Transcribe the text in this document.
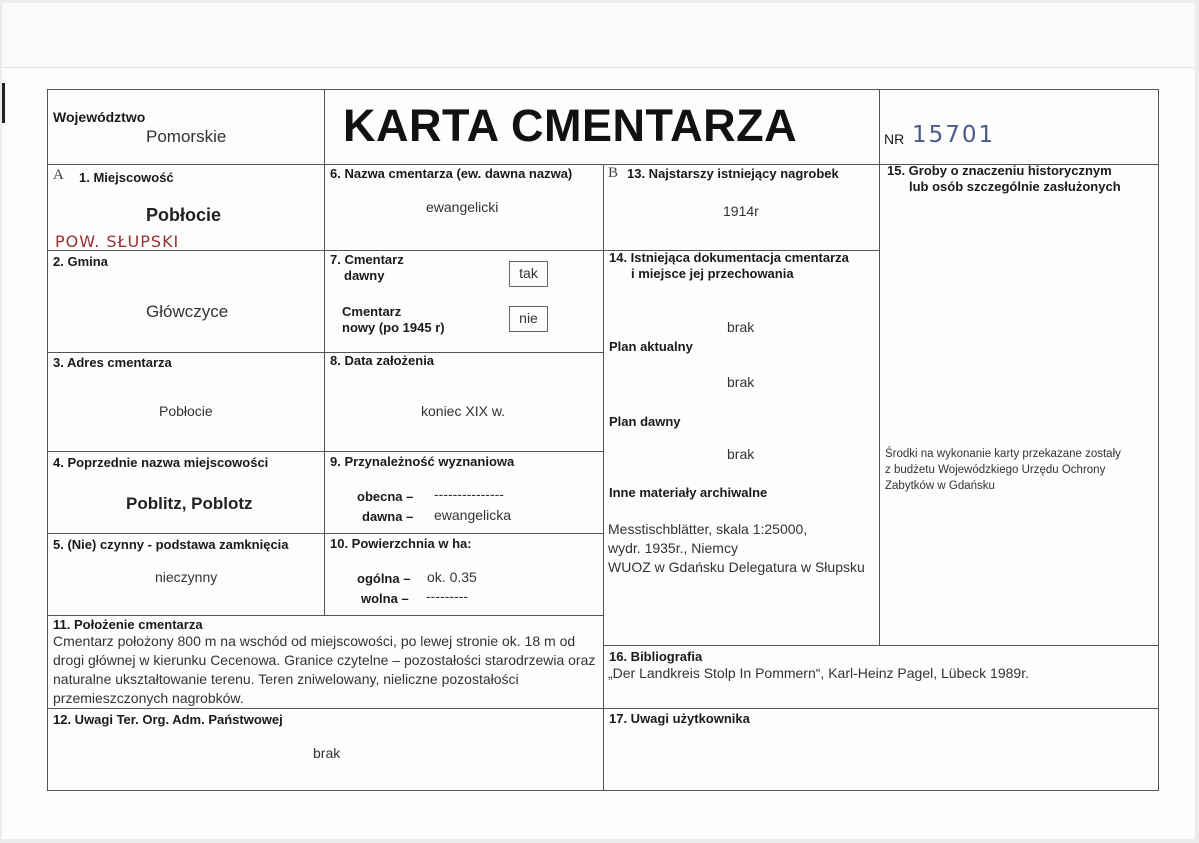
Województwo
Pomorskie	KARTA CMENTARZA	NR 15701
A 1. Miejscowość
Pobłocie
POW. SŁUPSKI
2. Gmina
Główczyce
3. Adres cmentarza
Pobłocie
4. Poprzednie nazwa miejscowości
Poblitz, Poblotz
5. (Nie) czynny - podstawa zamknięcia
nieczynny
6. Nazwa cmentarza (ew. dawna nazwa)
ewangelicki
7. Cmentarz
dawny	tak
Cmentarz
nowy (po 1945 r)
nie
8. Data założenia
koniec XIX w.
9. Przynależność wyznaniowa
obecna – ---------------
dawna – ewangelicka
10. Powierzchnia w ha:
ogólna – ok. 0.35
wolna – ---------
11. Położenie cmentarza
Cmentarz położony 800 m na wschód od miejscowości, po lewej stronie ok. 18 m od
drogi głównej w kierunku Cecenowa. Granice czytelne – pozostałości starodrzewia oraz
naturalne ukształtowanie terenu. Teren zniwelowany, nieliczne pozostałości
przemieszczonych nagrobków.
12. Uwagi Ter. Org. Adm. Państwowej
brak
B 13. Najstarszy istniejący nagrobek
1914r
14. Istniejąca dokumentacja cmentarza
i miejsce jej przechowania
brak
Plan aktualny
brak
Plan dawny
brak
Inne materiały archiwalne
Messtischblätter, skala 1:25000,
wydr. 1935r., Niemcy
WUOZ w Gdańsku Delegatura w Słupsku
15. Groby o znaczeniu historycznym
lub osób szczególnie zasłużonych
Środki na wykonanie karty przekazane zostały
z budżetu Wojewódzkiego Urzędu Ochrony
Zabytków w Gdańsku
16. Bibliografia
„Der Landkreis Stolp In Pommern“, Karl-Heinz Pagel, Lübeck 1989r.
17. Uwagi użytkownika
